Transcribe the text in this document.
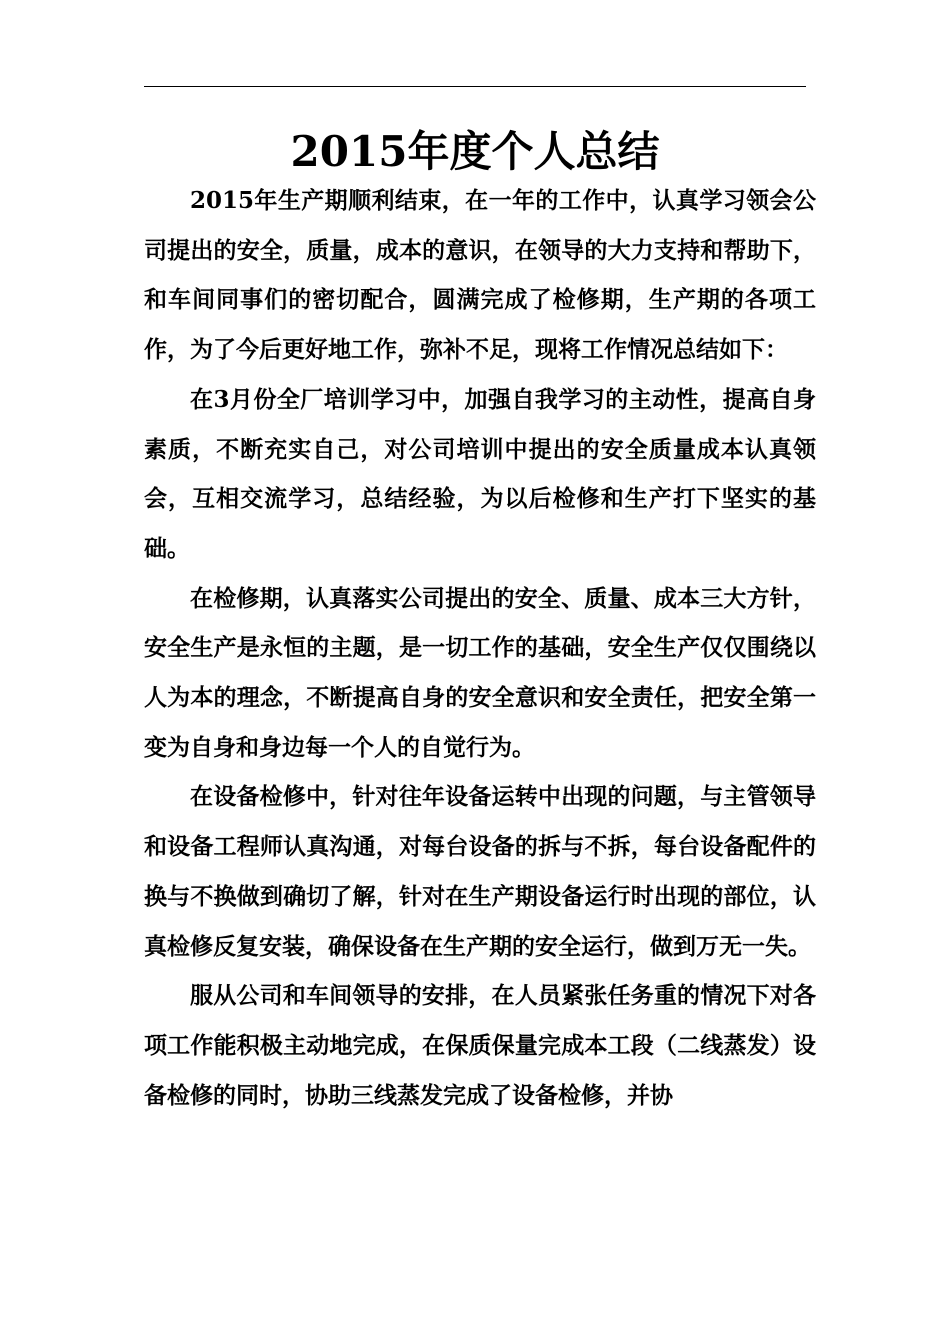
2015年度个人总结

2015年生产期顺利结束，在一年的工作中，认真学习领会公司提出的安全，质量，成本的意识，在领导的大力支持和帮助下，和车间同事们的密切配合，圆满完成了检修期，生产期的各项工作，为了今后更好地工作，弥补不足，现将工作情况总结如下：

在3月份全厂培训学习中，加强自我学习的主动性，提高自身素质，不断充实自己，对公司培训中提出的安全质量成本认真领会，互相交流学习，总结经验，为以后检修和生产打下坚实的基础。

在检修期，认真落实公司提出的安全、质量、成本三大方针，安全生产是永恒的主题，是一切工作的基础，安全生产仅仅围绕以人为本的理念，不断提高自身的安全意识和安全责任，把安全第一变为自身和身边每一个人的自觉行为。

在设备检修中，针对往年设备运转中出现的问题，与主管领导和设备工程师认真沟通，对每台设备的拆与不拆，每台设备配件的换与不换做到确切了解，针对在生产期设备运行时出现的部位，认真检修反复安装，确保设备在生产期的安全运行，做到万无一失。

服从公司和车间领导的安排，在人员紧张任务重的情况下对各项工作能积极主动地完成，在保质保量完成本工段（二线蒸发）设备检修的同时，协助三线蒸发完成了设备检修，并协
